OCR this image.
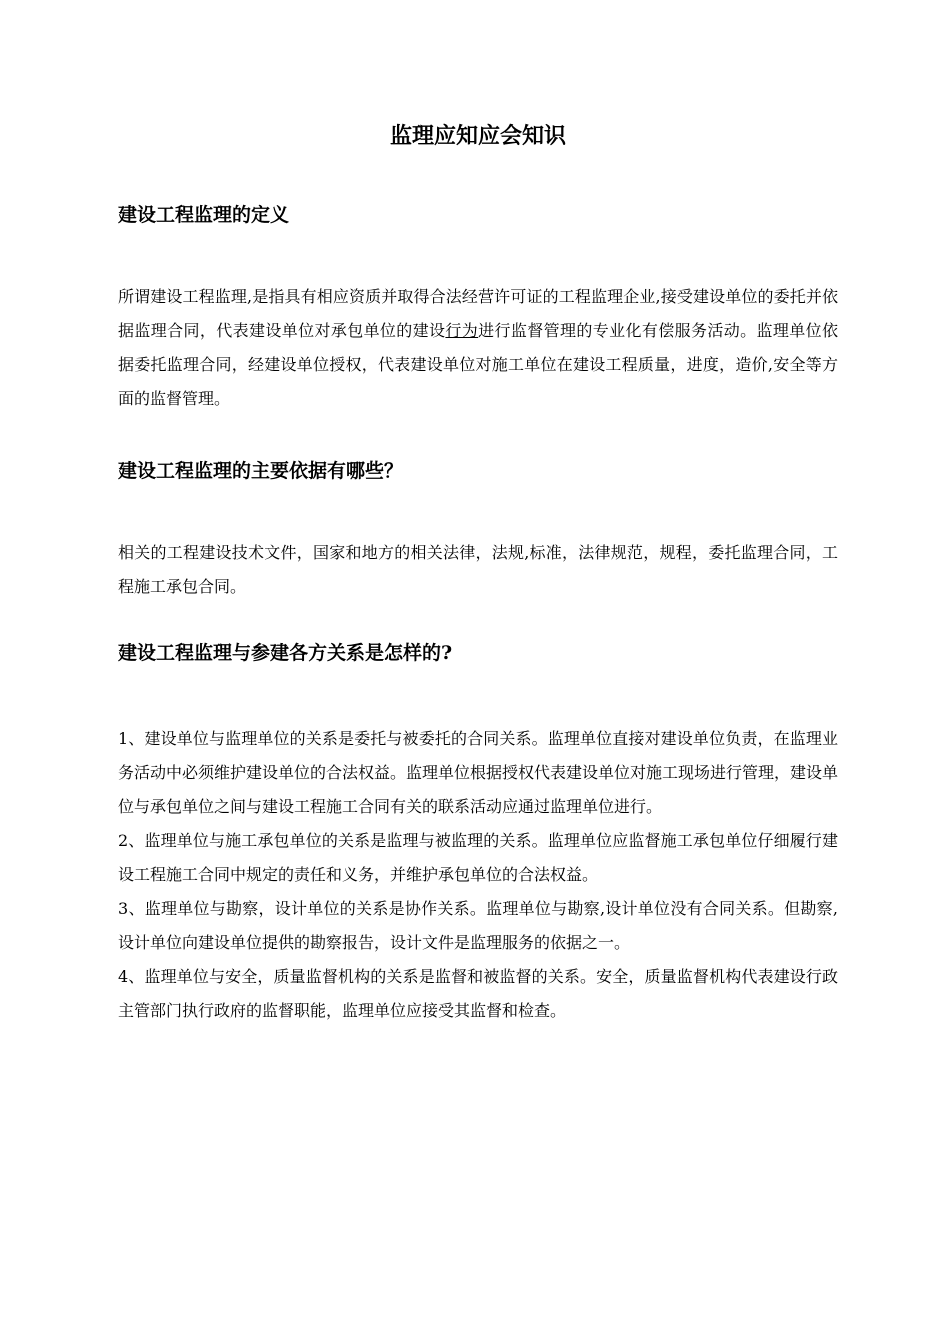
监理应知应会知识
建设工程监理的定义

所谓建设工程监理,是指具有相应资质并取得合法经营许可证的工程监理企业,接受建设单位的委托并依据监理合同，代表建设单位对承包单位的建设行为进行监督管理的专业化有偿服务活动。监理单位依据委托监理合同，经建设单位授权，代表建设单位对施工单位在建设工程质量，进度，造价,安全等方面的监督管理。

建设工程监理的主要依据有哪些？

相关的工程建设技术文件，国家和地方的相关法律，法规,标准，法律规范，规程，委托监理合同，工程施工承包合同。

建设工程监理与参建各方关系是怎样的?

1、建设单位与监理单位的关系是委托与被委托的合同关系。监理单位直接对建设单位负责，在监理业务活动中必须维护建设单位的合法权益。监理单位根据授权代表建设单位对施工现场进行管理，建设单位与承包单位之间与建设工程施工合同有关的联系活动应通过监理单位进行。

2、监理单位与施工承包单位的关系是监理与被监理的关系。监理单位应监督施工承包单位仔细履行建设工程施工合同中规定的责任和义务，并维护承包单位的合法权益。

3、监理单位与勘察，设计单位的关系是协作关系。监理单位与勘察,设计单位没有合同关系。但勘察,设计单位向建设单位提供的勘察报告，设计文件是监理服务的依据之一。

4、监理单位与安全，质量监督机构的关系是监督和被监督的关系。安全，质量监督机构代表建设行政主管部门执行政府的监督职能，监理单位应接受其监督和检查。
